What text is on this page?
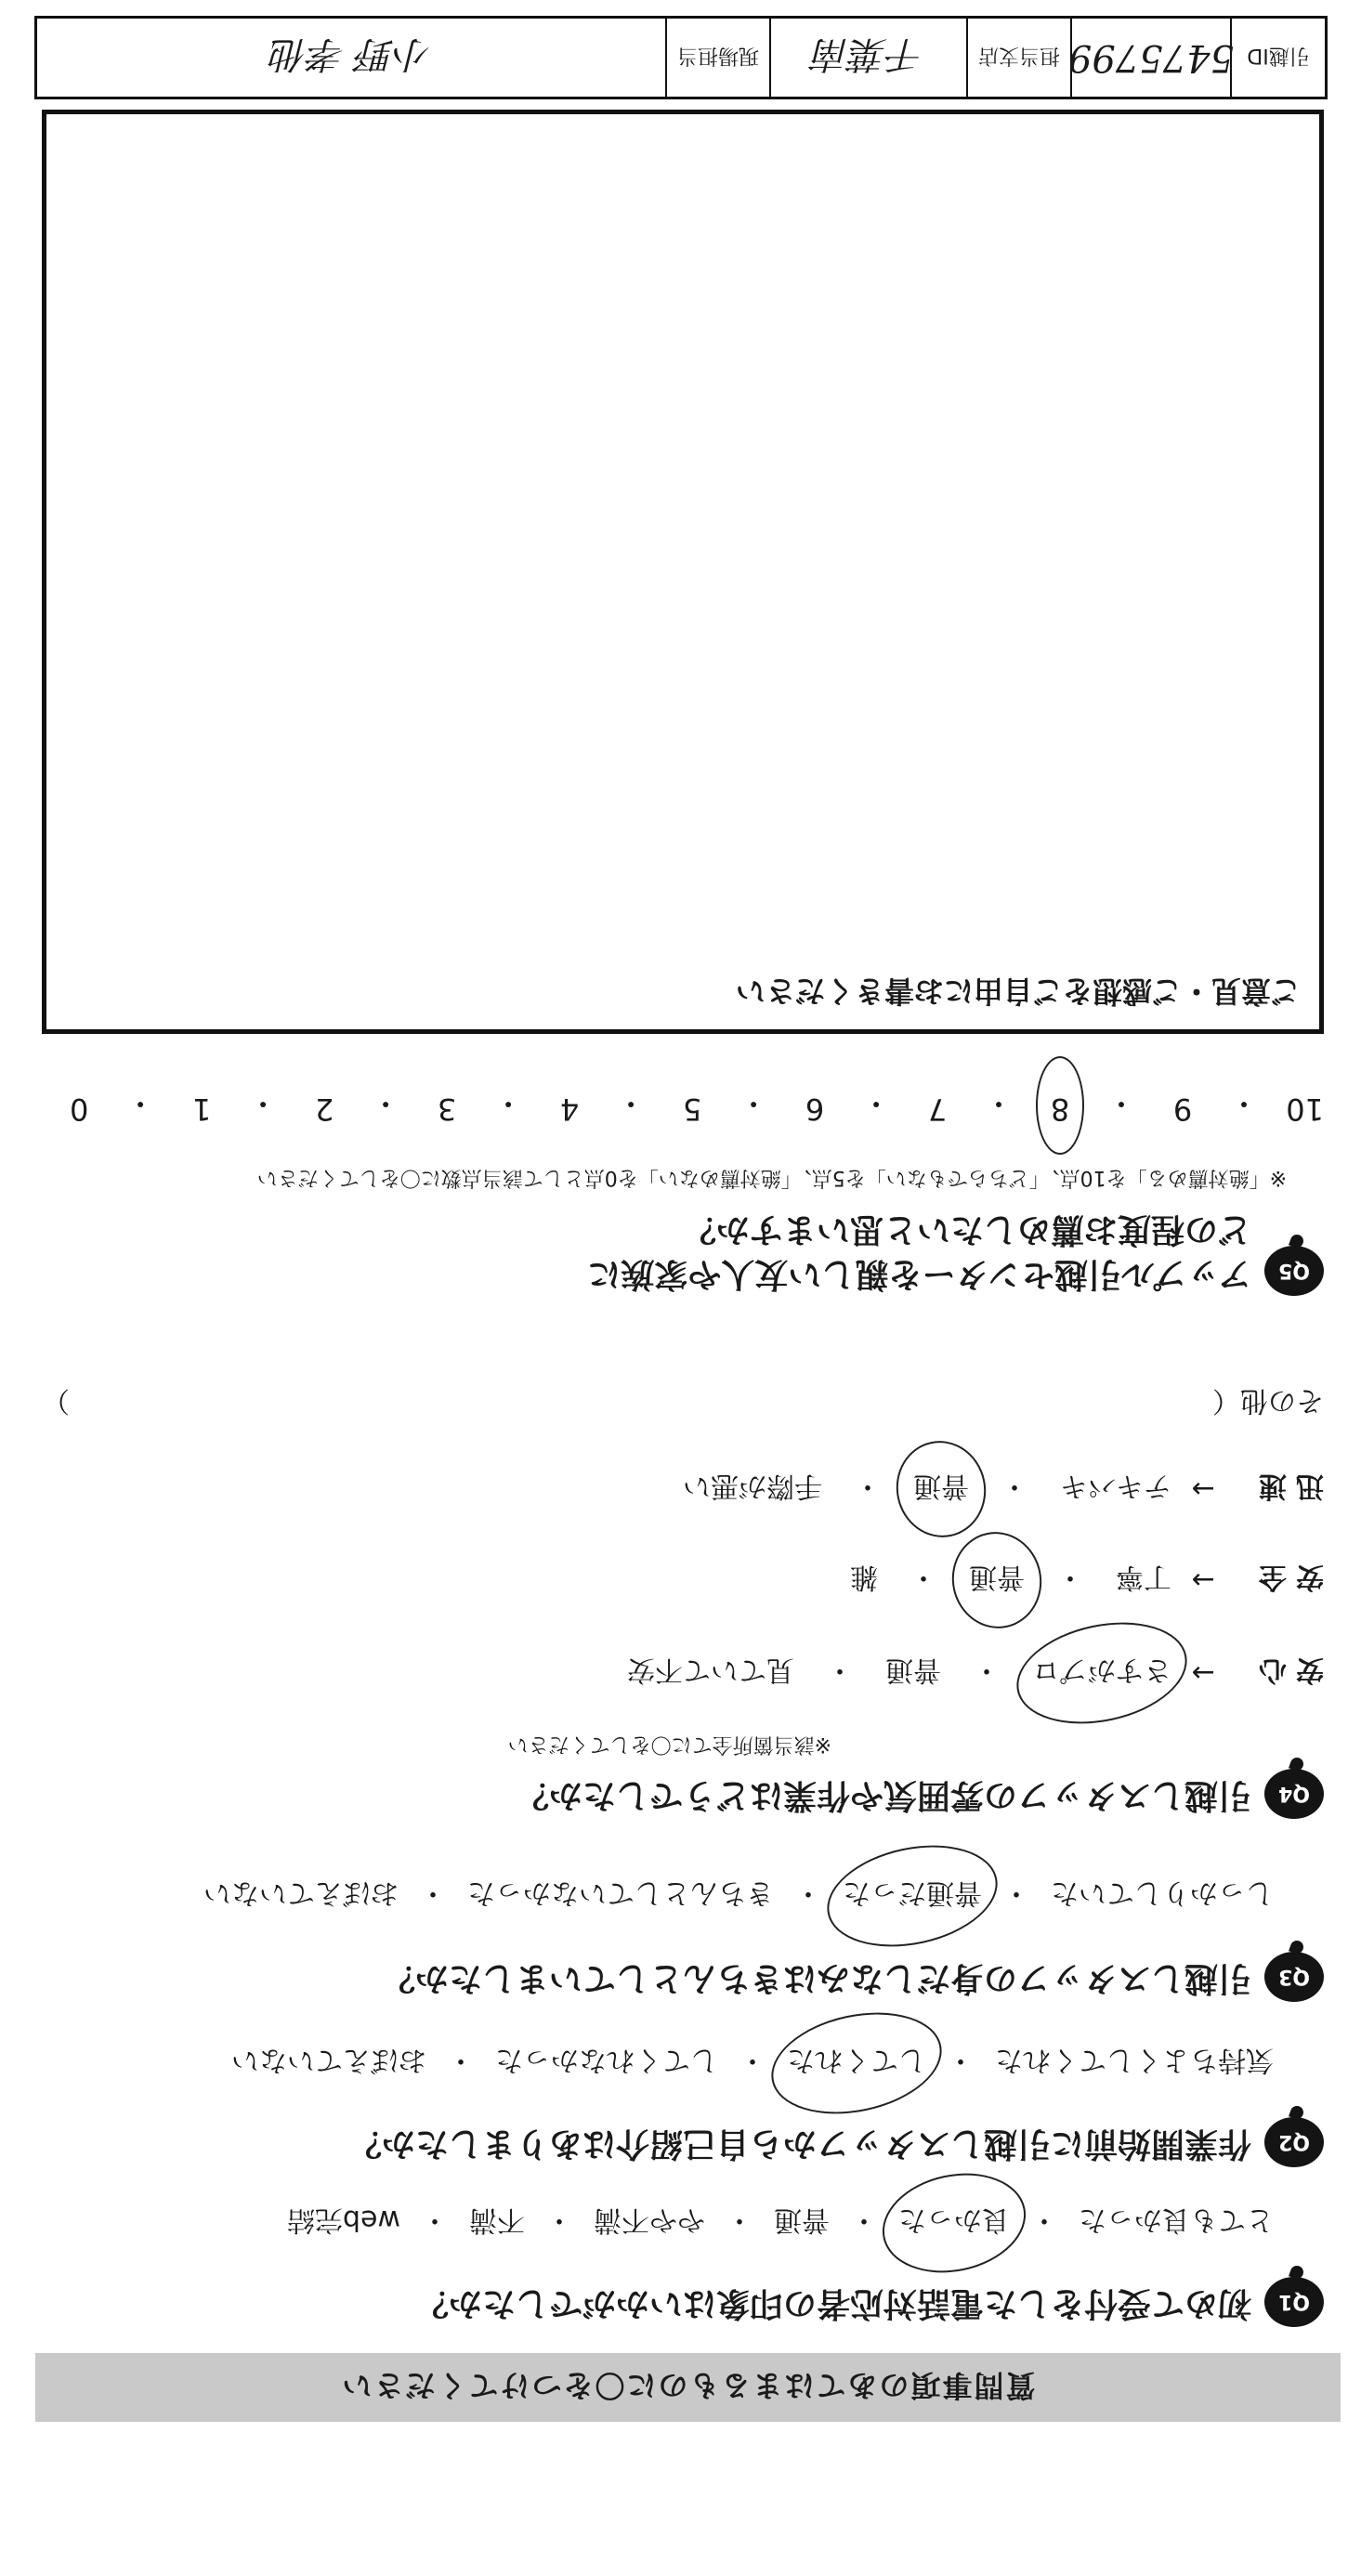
質問事項のあてはまるものに〇をつけてください
Q1
初めて受付をした電話対応者の印象はいかがでしたか？
とても良かった
・
良かった
・
普通
・
やや不満
・
不満
・
web完結
Q2
作業開始前に引越しスタッフから自己紹介はありましたか？
気持ちよくしてくれた
・
してくれた
・
してくれなかった
・
おぼえていない
Q3
引越しスタッフの身だしなみはきちんとしていましたか？
しっかりしていた
・
普通だった
・
きちんとしていなかった
・
おぼえていない
Q4
引越しスタッフの雰囲気や作業はどうでしたか？
※該当箇所全てに〇をしてください
安心
→
さすがプロ
・
普通
・
見ていて不安
安全
→
丁寧
・
普通
・
雑
迅速
→
テキパキ
・
普通
・
手際が悪い
その他（
）
Q5
アップル引越センターを親しい友人や家族に
どの程度お薦めしたいと思いますか？
※「絶対薦める」を10点、「どちらでもない」を5点、「絶対薦めない」を0点として該当点数に〇をしてください
10
・
9
・
8
・
7
・
6
・
5
・
4
・
3
・
2
・
1
・
0
ご意見・ご感想をご自由にお書きください
引越ID
5475799
担当支店
千葉南
現場担当
小野 孝他
